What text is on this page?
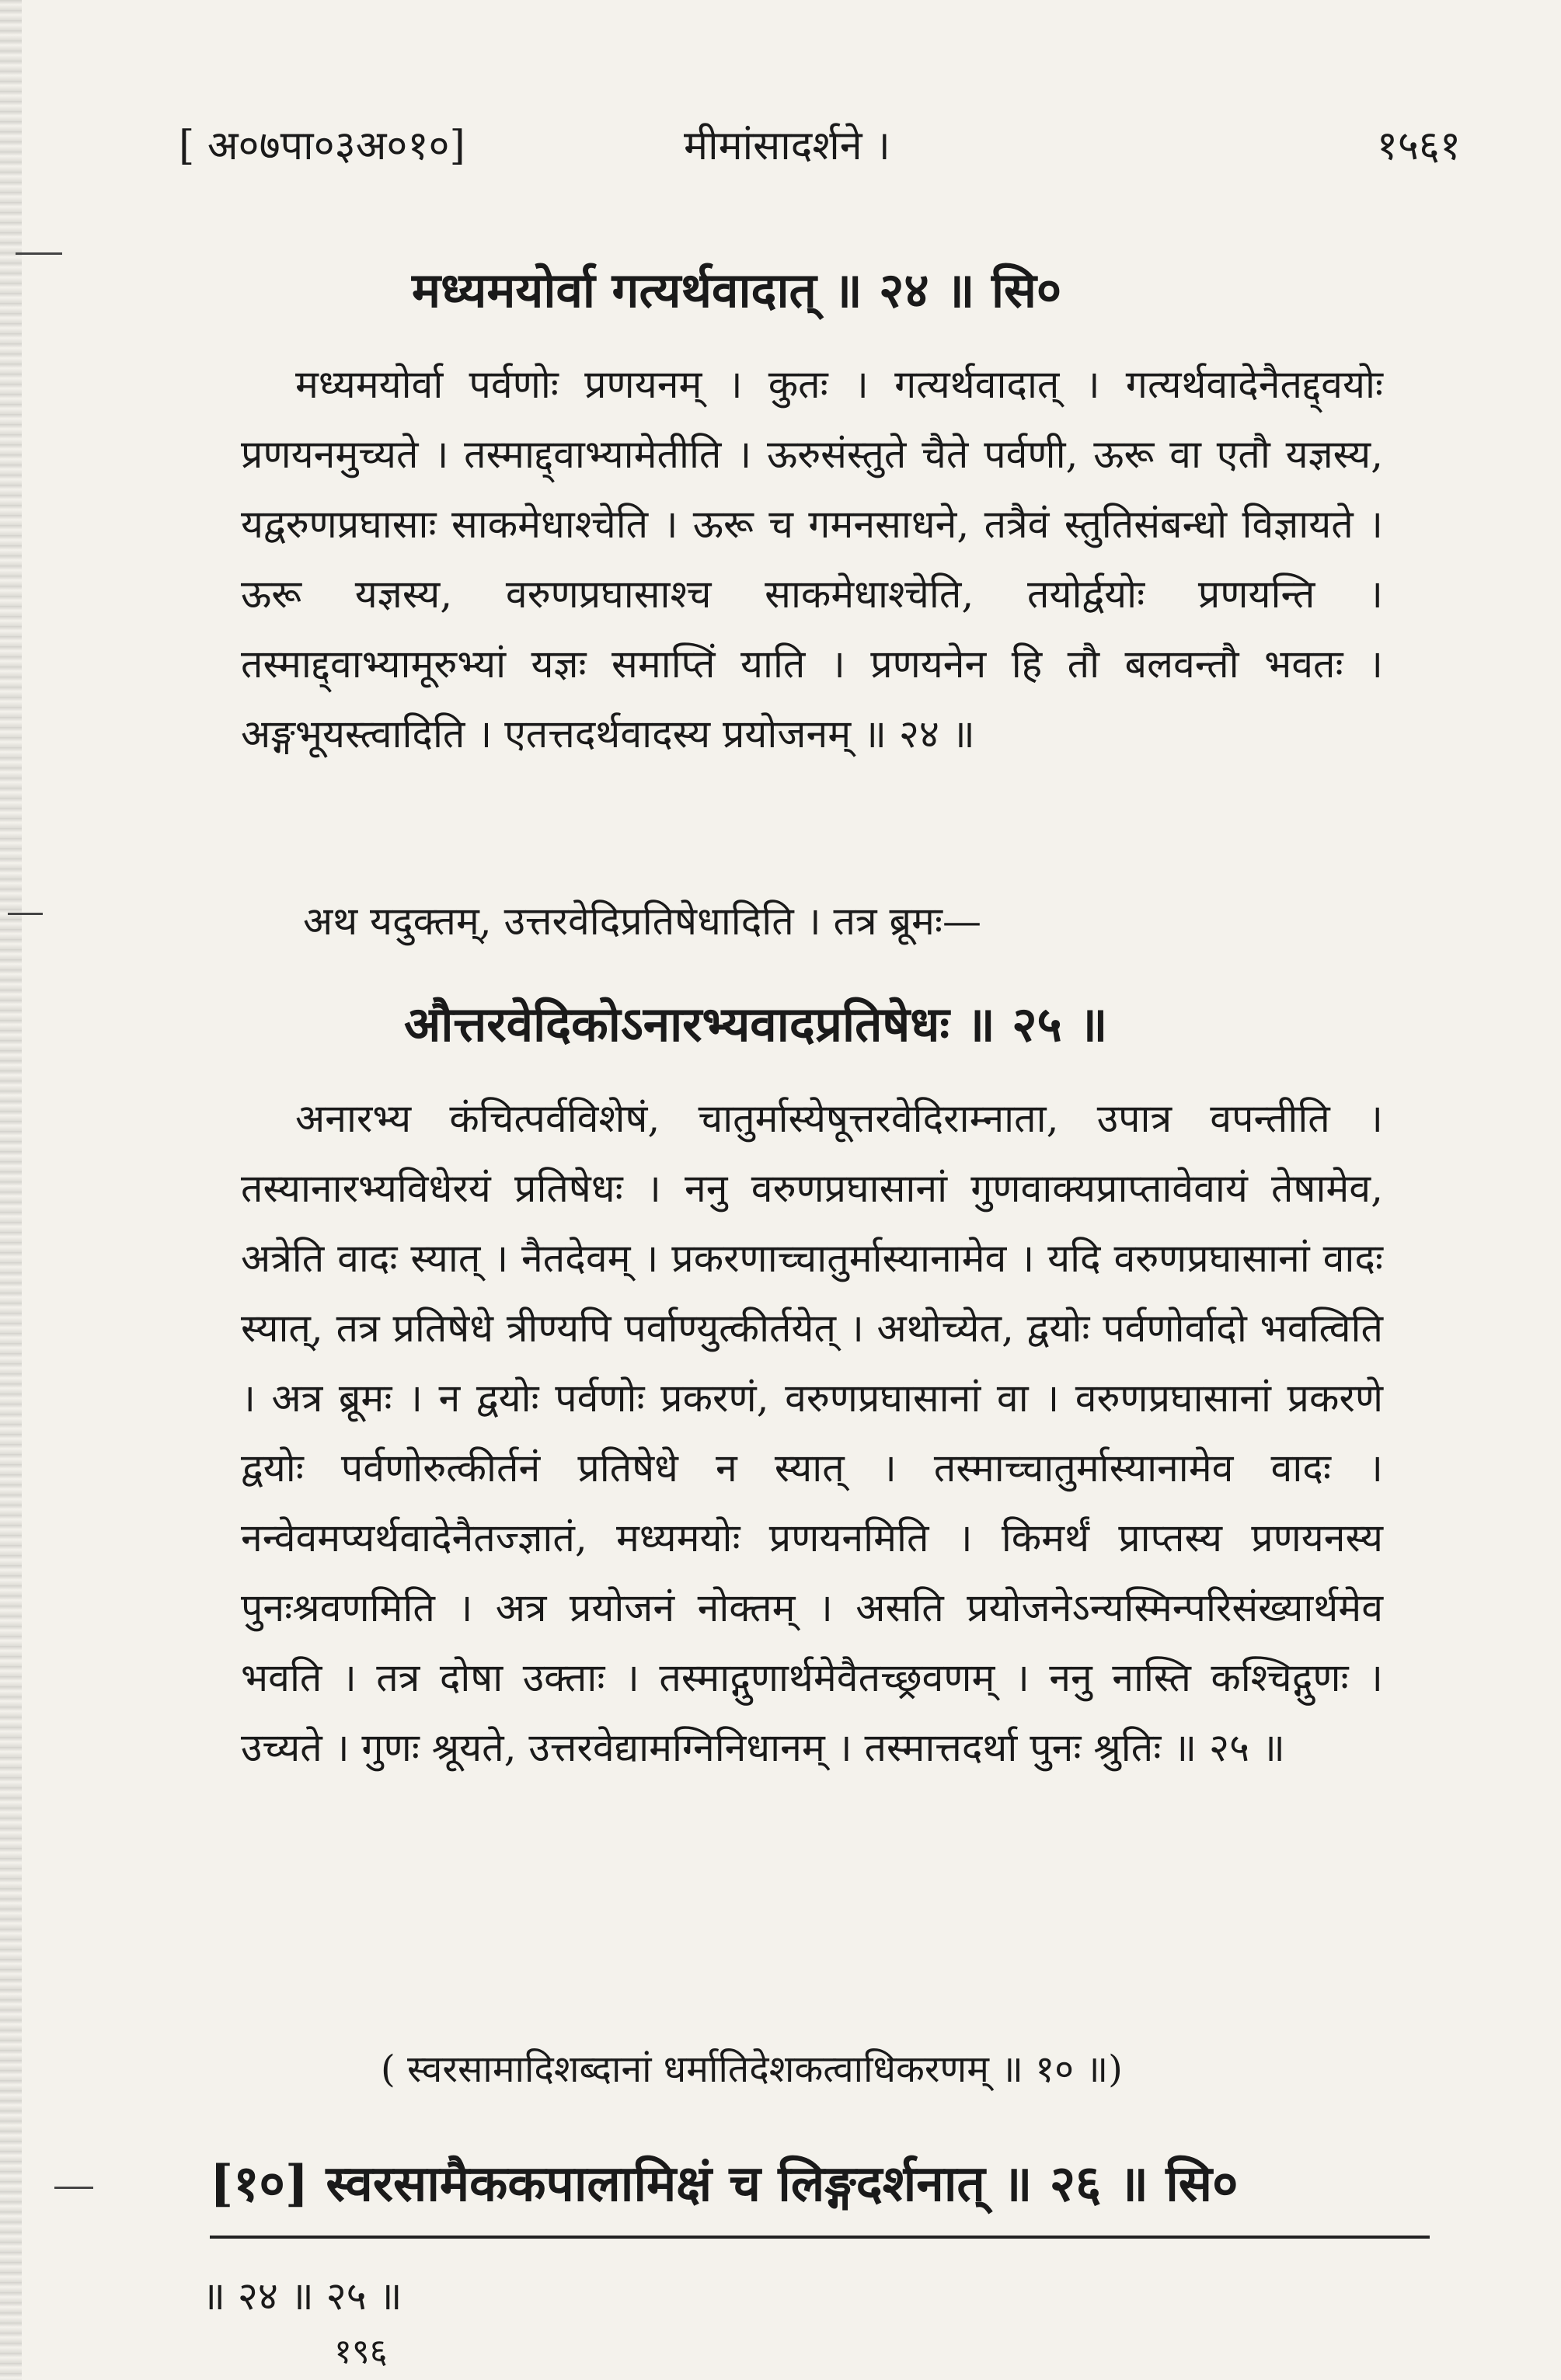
[ अ०७पा०३अ०१०]	मीमांसादर्शने ।	१५६१
मध्यमयोर्वा गत्यर्थवादात् ॥ २४ ॥ सि०
मध्यमयोर्वा पर्वणोः प्रणयनम् । कुतः । गत्यर्थवादात् । गत्यर्थवादेनैतद्द्वयोः प्रणयनमुच्यते । तस्माद्द्वाभ्यामेतीति । ऊरुसंस्तुते चैते पर्वणी, ऊरू वा एतौ यज्ञस्य, यद्वरुणप्रघासाः साकमेधाश्चेति । ऊरू च गमनसाधने, तत्रैवं स्तुतिसंबन्धो विज्ञायते । ऊरू यज्ञस्य, वरुणप्रघासाश्च साकमेधाश्चेति, तयोर्द्वयोः प्रणयन्ति । तस्माद्द्वाभ्यामूरुभ्यां यज्ञः समाप्तिं याति । प्रणयनेन हि तौ बलवन्तौ भवतः । अङ्गभूयस्त्वादिति । एतत्तदर्थवादस्य प्रयोजनम् ॥ २४ ॥
अथ यदुक्तम्, उत्तरवेदिप्रतिषेधादिति । तत्र ब्रूमः—
औत्तरवेदिकोऽनारभ्यवादप्रतिषेधः ॥ २५ ॥
अनारभ्य कंचित्पर्वविशेषं, चातुर्मास्येषूत्तरवेदिराम्नाता, उपात्र वपन्तीति । तस्यानारभ्यविधेरयं प्रतिषेधः । ननु वरुणप्रघासानां गुणवाक्यप्राप्तावेवायं तेषामेव, अत्रेति वादः स्यात् । नैतदेवम् । प्रकरणाच्चातुर्मास्यानामेव । यदि वरुणप्रघासानां वादः स्यात्, तत्र प्रतिषेधे त्रीण्यपि पर्वाण्युत्कीर्तयेत् । अथोच्येत, द्वयोः पर्वणोर्वादो भवत्विति । अत्र ब्रूमः । न द्वयोः पर्वणोः प्रकरणं, वरुणप्रघासानां वा । वरुणप्रघासानां प्रकरणे द्वयोः पर्वणोरुत्कीर्तनं प्रतिषेधे न स्यात् । तस्माच्चातुर्मास्यानामेव वादः । नन्वेवमप्यर्थवादेनैतज्ज्ञातं, मध्यमयोः प्रणयनमिति । किमर्थं प्राप्तस्य प्रणयनस्य पुनःश्रवणमिति । अत्र प्रयोजनं नोक्तम् । असति प्रयोजनेऽन्यस्मिन्परिसंख्यार्थमेव भवति । तत्र दोषा उक्ताः । तस्माद्गुणार्थमेवैतच्छ्रवणम् । ननु नास्ति कश्चिद्गुणः । उच्यते । गुणः श्रूयते, उत्तरवेद्यामग्निनिधानम् । तस्मात्तदर्था पुनः श्रुतिः ॥ २५ ॥
( स्वरसामादिशब्दानां धर्मातिदेशकत्वाधिकरणम् ॥ १० ॥)
[१०] स्वरसामैककपालामिक्षं च लिङ्गदर्शनात् ॥ २६ ॥ सि०
॥ २४ ॥ २५ ॥
१९६
